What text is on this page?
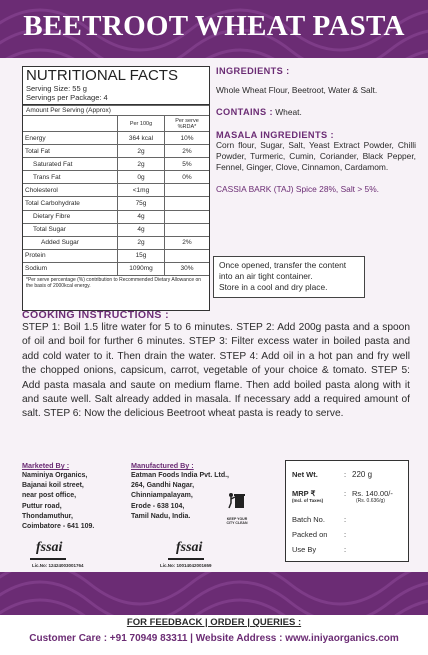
BEETROOT WHEAT PASTA
NUTRITIONAL FACTS
Serving Size: 55 g
Servings per Package: 4
Amount Per Serving (Approx)
	Per 100g	Per serve %RDA*
Energy	364 kcal	10%
Total Fat	2g	2%
Saturated Fat	2g	5%
Trans Fat	0g	0%
Cholesterol	<1mg	
Total Carbohydrate	75g	
Dietary Fibre	4g	
Total Sugar	4g	
Added Sugar	2g	2%
Protein	15g	
Sodium	1090mg	30%
*Per serve percentage (%) contribution to Recommended Dietary Allowance on the basis of 2000kcal energy.
INGREDIENTS :
Whole Wheat Flour, Beetroot, Water & Salt.
CONTAINS : Wheat.
MASALA INGREDIENTS :
Corn flour, Sugar, Salt, Yeast Extract Powder, Chilli Powder, Turmeric, Cumin, Coriander, Black Pepper, Fennel, Ginger, Clove, Cinnamon, Cardamom.
CASSIA BARK (TAJ) Spice 28%, Salt > 5%.
Once opened, transfer the content
into an air tight container.
Store in a cool and dry place.
COOKING INSTRUCTIONS :
STEP 1: Boil 1.5 litre water for 5 to 6 minutes. STEP 2: Add 200g pasta and a spoon of oil and boil for further 6 minutes. STEP 3: Filter excess water in boiled pasta and add cold water to it. Then drain the water. STEP 4: Add oil in a hot pan and fry well the chopped onions, capsicum, carrot, vegetable of your choice & tomato. STEP 5: Add pasta masala and saute on medium flame. Then add boiled pasta along with it and saute well. Salt already added in masala. If necessary add a required amount of salt. STEP 6: Now the delicious Beetroot wheat pasta is ready to serve.
Marketed By :
Naminiya Organics,
Bajanai koil street,
near post office,
Puttur road,
Thondamuthur,
Coimbatore - 641 109.
Manufactured By :
Eatman Foods India Pvt. Ltd.,
264, Gandhi Nagar,
Chinniampalayam,
Erode - 638 104,
Tamil Nadu, India.	KEEP YOUR CITY CLEAN
Net Wt.	: 220 g
MRP ₹	: Rs. 140.00/-
(Incl. of Taxes)	(Rs. 0.636/g)
Batch No.	:
Packed on	:
Use By	:
fssai
Lic.No: 12424003001764
fssai
Lic.No: 10014042001659
FOR FEEDBACK | ORDER | QUERIES :
Customer Care : +91 70949 83311 | Website Address : www.iniyaorganics.com
